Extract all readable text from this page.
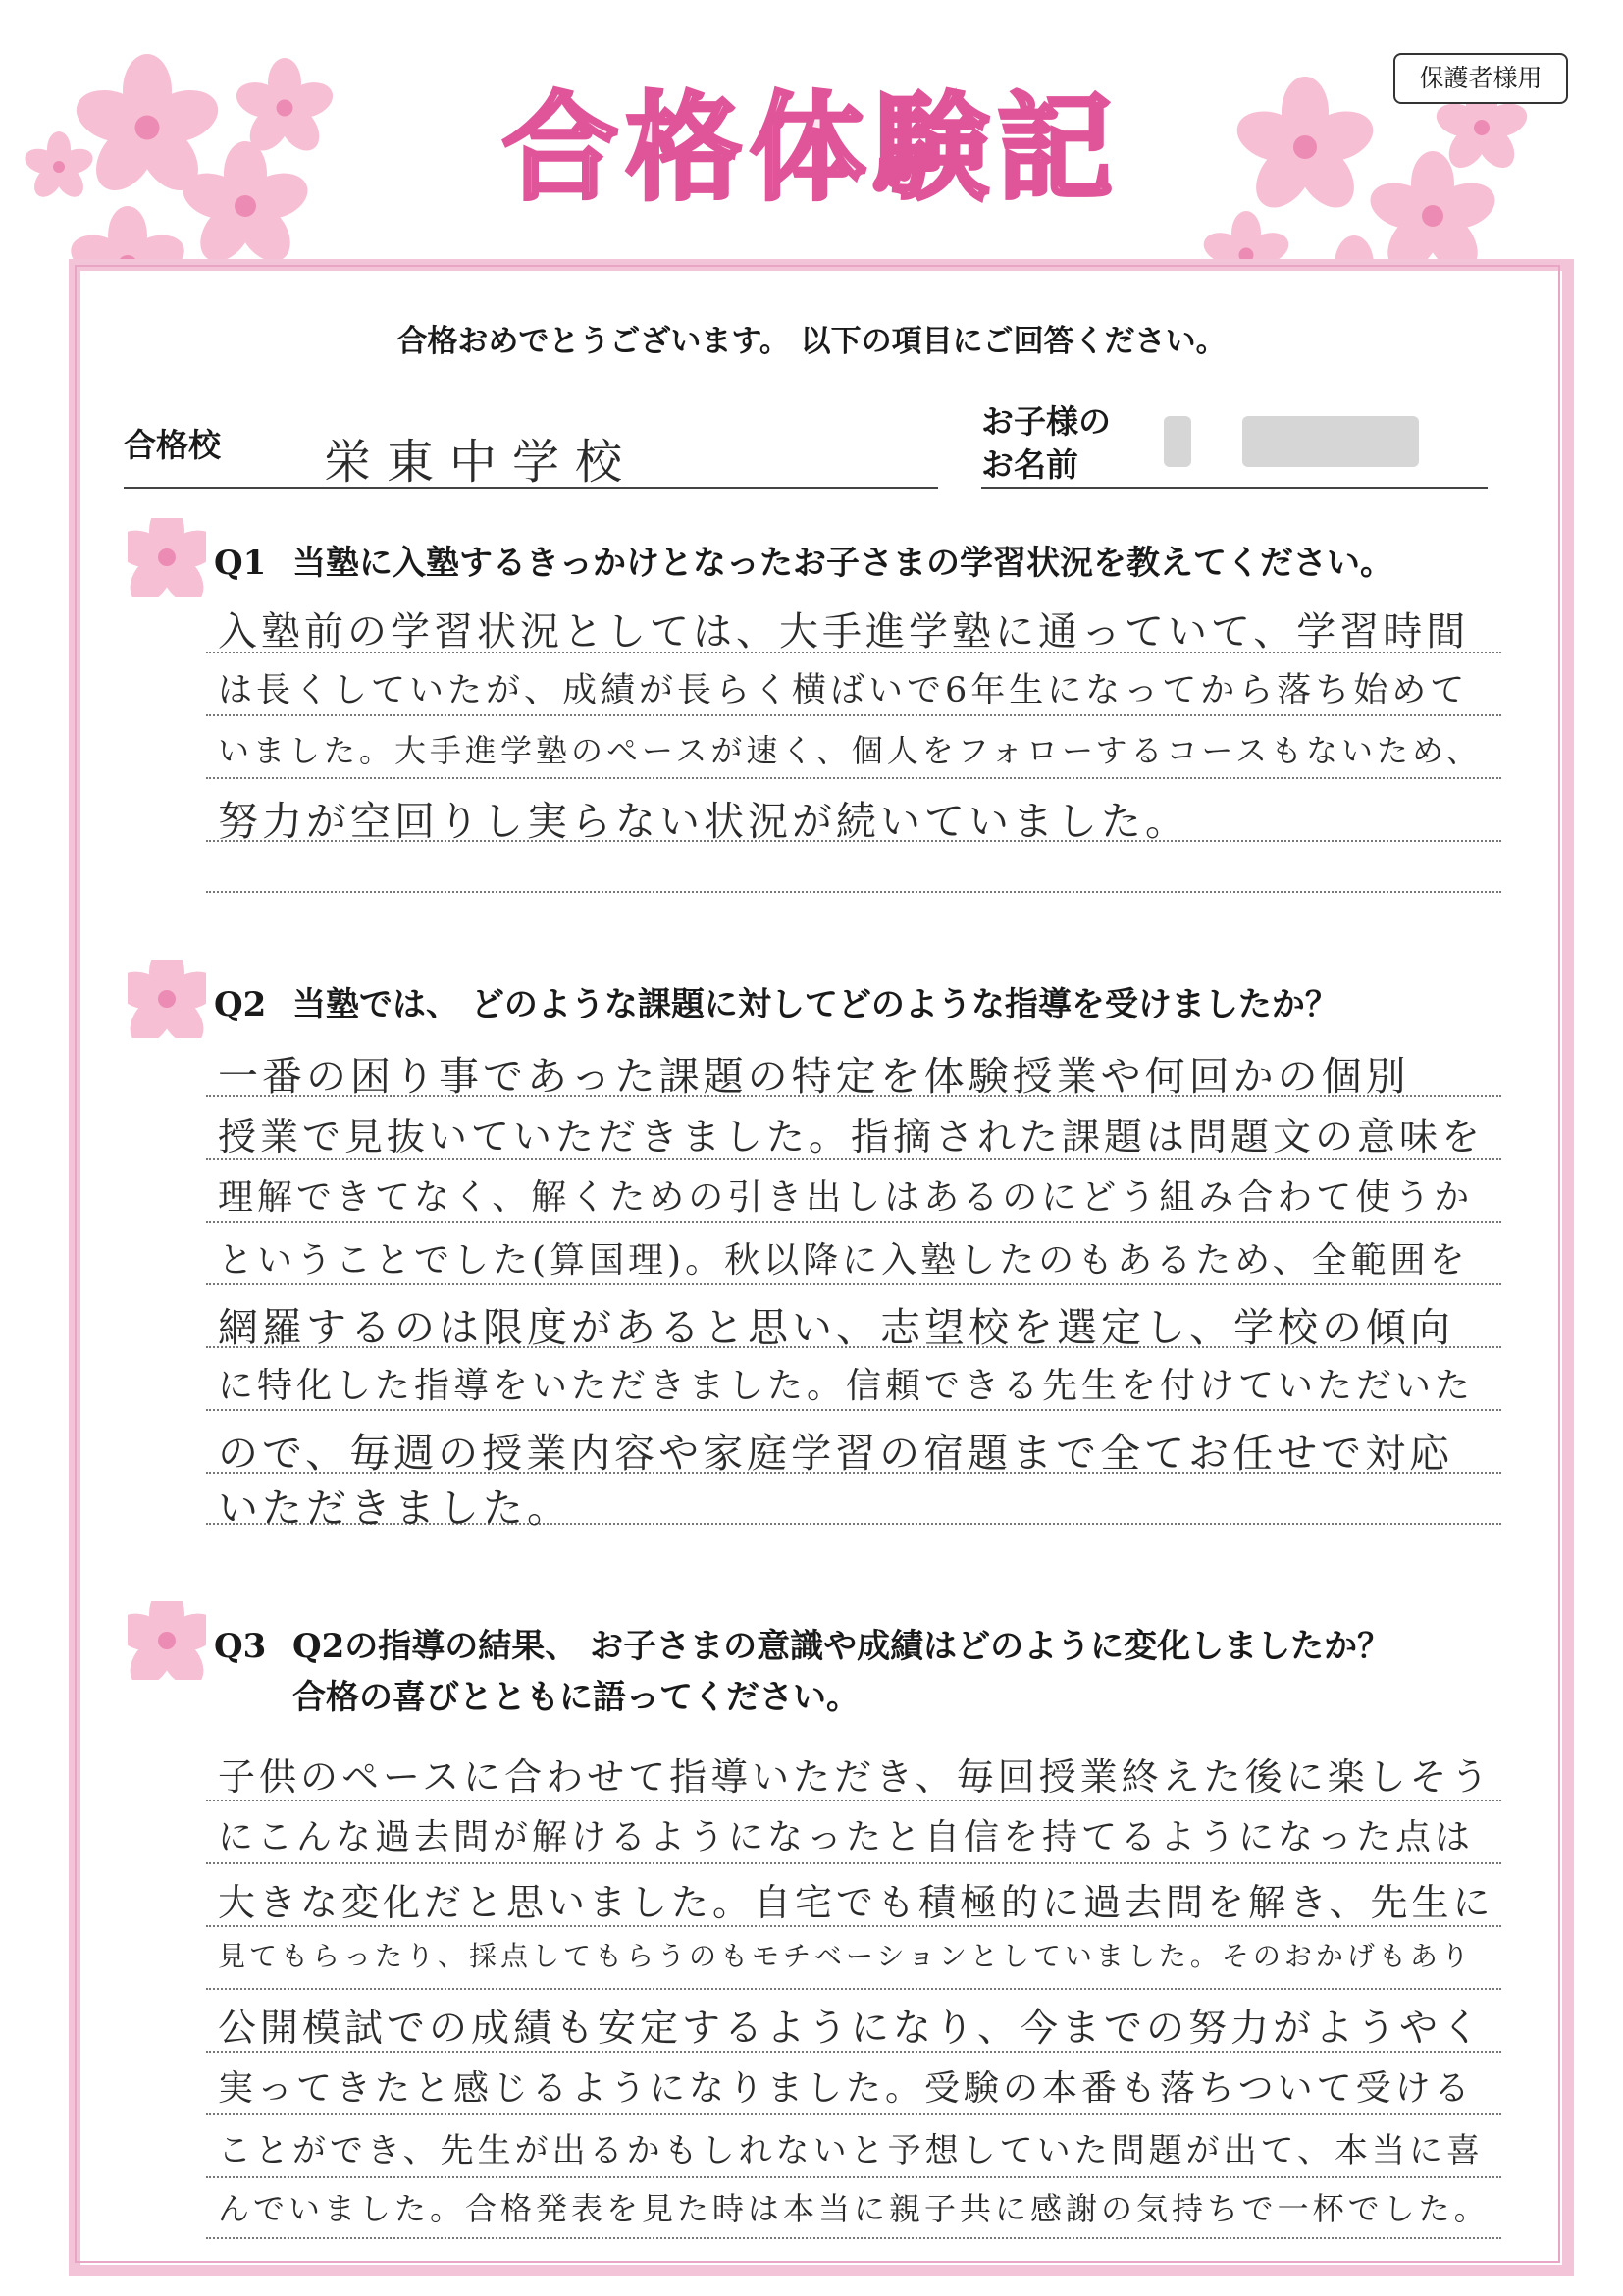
保護者様用
合格体験記
合格おめでとうございます。 以下の項目にご回答ください。
合格校 栄東中学校
お子様の
お名前
Q1 当塾に入塾するきっかけとなったお子さまの学習状況を教えてください。
入塾前の学習状況としては、大手進学塾に通っていて、学習時間
は長くしていたが、成績が長らく横ばいで6年生になってから落ち始めて
いました。大手進学塾のペースが速く、個人をフォローするコースもないため、
努力が空回りし実らない状況が続いていました。
Q2 当塾では、 どのような課題に対してどのような指導を受けましたか？
一番の困り事であった課題の特定を体験授業や何回かの個別
授業で見抜いていただきました。指摘された課題は問題文の意味を
理解できてなく、解くための引き出しはあるのにどう組み合わて使うか
ということでした(算国理)。秋以降に入塾したのもあるため、全範囲を
網羅するのは限度があると思い、志望校を選定し、学校の傾向
に特化した指導をいただきました。信頼できる先生を付けていただいた
ので、毎週の授業内容や家庭学習の宿題まで全てお任せで対応
いただきました。
Q3 Q2の指導の結果、 お子さまの意識や成績はどのように変化しましたか？
合格の喜びとともに語ってください。
子供のペースに合わせて指導いただき、毎回授業終えた後に楽しそう
にこんな過去問が解けるようになったと自信を持てるようになった点は
大きな変化だと思いました。自宅でも積極的に過去問を解き、先生に
見てもらったり、採点してもらうのもモチベーションとしていました。そのおかげもあり
公開模試での成績も安定するようになり、今までの努力がようやく
実ってきたと感じるようになりました。受験の本番も落ちついて受ける
ことができ、先生が出るかもしれないと予想していた問題が出て、本当に喜
んでいました。合格発表を見た時は本当に親子共に感謝の気持ちで一杯でした。
